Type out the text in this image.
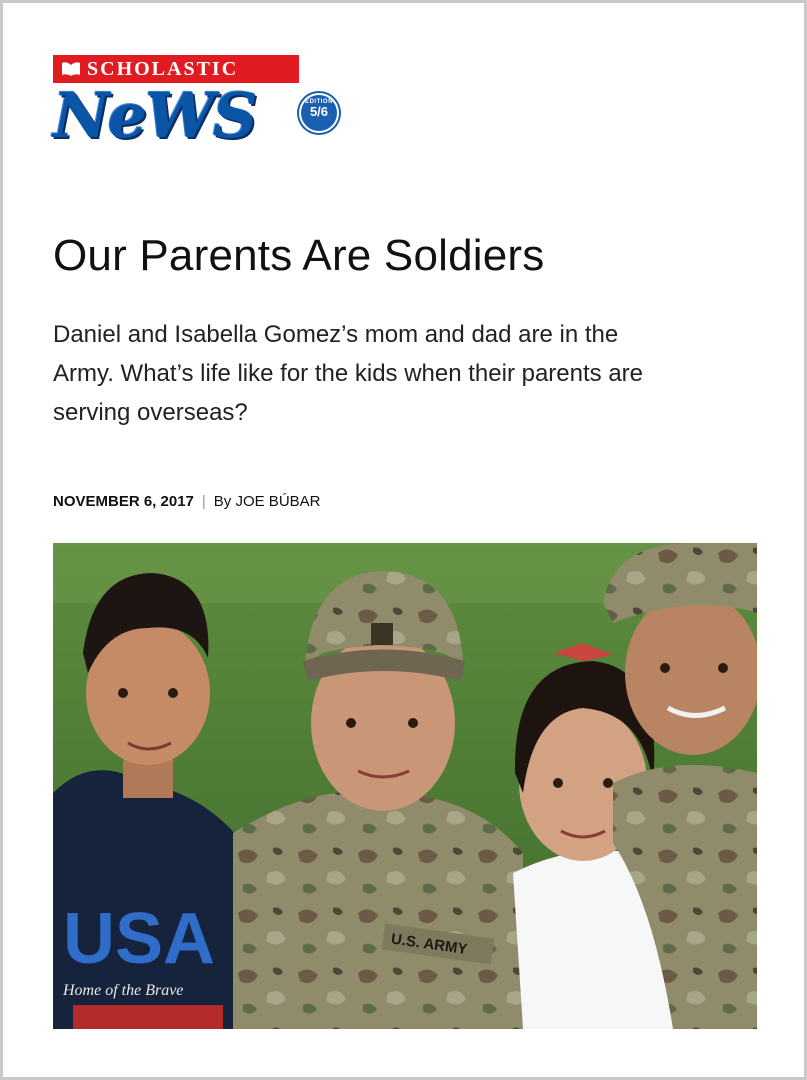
SCHOLASTIC
NeWS	EDITION
5/6
Our Parents Are Soldiers

Daniel and Isabella Gomez’s mom and dad are in the Army. What’s life like for the kids when their parents are serving overseas?

NOVEMBER 6, 2017 | By JOE BÚBAR

USA
Home of the Brave
U.S. ARMY
